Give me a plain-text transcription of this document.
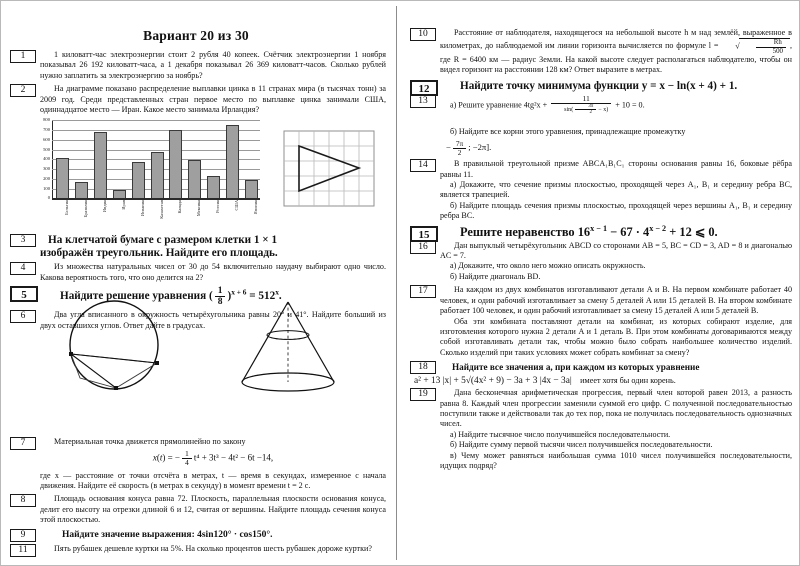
Вариант 20 из 30
1	1 киловатт-час электроэнергии стоит 2 рубля 40 копеек. Счётчик электроэнергии 1 ноября показывал 26 192 киловатт-часа, а 1 декабря показывал 26 369 киловатт-часов. Сколько рублей нужно заплатить за электроэнергию за ноябрь?
2	На диаграмме показано распределение выплавки цинка в 11 странах мира (в тысячах тонн) за 2009 год. Среди представленных стран первое место по выплавке цинка занимали США, одиннадцатое место — Иран. Какое место занимала Ирландия?
0
100
200
300
400
500
600
700
800
Бельгия	Бразилия	Индия	Иран	Испания	Казахстан	Канада	Мексика	Россия	США	Япония
3	На клетчатой бумаге с размером клетки 1 × 1
изображён треугольник. Найдите его площадь.
4	Из множества натуральных чисел от 30 до 54 включительно наудачу выбирают одно число. Какова вероятность того, что оно делится на 2?
5	Найдите решение уравнения ( $\frac{1}{8} )^{x + 6} = 512^x$.
6	Два угла вписанного в окружность четырёхугольника равны 20° и 41°. Найдите больший из двух оставшихся углов. Ответ дайте в градусах.
7	Материальная точка движется прямолинейно по закону
x(t) = − $\frac{1}{4} t^4 + 3t^3 - 4t^2 - 6t -14$,
где x — расстояние от точки отсчёта в метрах, t — время в секундах, измеренное с начала движения. Найдите её скорость (в метрах в секунду) в момент времени t = 2 с.
8	Площадь основания конуса равна 72. Плоскость, параллельная плоскости основания конуса, делит его высоту на отрезки длиной 6 и 12, считая от вершины. Найдите площадь сечения конуса этой плоскостью.
9	Найдите значение выражения: 4sin120° · cos150°.
11	Пять рубашек дешевле куртки на 5%. На сколько процентов шесть рубашек дороже куртки?
10	Расстояние от наблюдателя, находящегося на небольшой высоте h м над землёй, выраженное в километрах, до наблюдаемой им линии горизонта вычисляется по формуле l = √ $\frac{Rh}{500}$ , где R = 6400 км — радиус Земли. На какой высоте следует располагаться наблюдателю, чтобы он видел горизонт на расстоянии 128 км? Ответ выразите в метрах.
12	Найдите точку минимума функции y = x − ln(x + 4) + 1.
13	а) Решите уравнение $4tg^2x + \frac{11}{\sin( \frac{3\pi}{2} - x)} + 10 = 0$.
б) Найдите все корни этого уравнения, принадлежащие промежутку
− $\frac{7\pi}{2}$ ; −2π].
14	В правильной треугольной призме ABCA₁B₁C₁ стороны основания равны 16, боковые рёбра равны 11.
а) Докажите, что сечение призмы плоскостью, проходящей через A₁, B₁ и середину ребра BC, является трапецией.
б) Найдите площадь сечения призмы плоскостью, проходящей через вершины A₁, B₁ и середину ребра BC.
15	Решите неравенство $16^{x - 1} - 67 \cdot 4^{x - 2} + 12$ ⩽ 0.
16	Дан выпуклый четырёхугольник ABCD со сторонами AB = 5, BC = CD = 3, AD = 8 и диагональю AC = 7.
а) Докажите, что около него можно описать окружность.
б) Найдите диагональ BD.
17	На каждом из двух комбинатов изготавливают детали A и B. На первом комбинате работает 40 человек, и один рабочий изготавливает за смену 5 деталей A или 15 деталей B. На втором комбинате работает 100 человек, и один рабочий изготавливает за смену 15 деталей A или 5 деталей B.
Оба эти комбината поставляют детали на комбинат, из которых собирают изделие, для изготовления которого нужна 2 детали A и 1 деталь B. При этом комбинаты договариваются между собой изготавливать детали так, чтобы можно было собрать наибольшее количество изделий. Сколько изделий при таких условиях может собрать комбинат за смену?
18	Найдите все значения a, при каждом из которых уравнение
a² + 13 |x| + 5√(4x² + 9) − 3a + 3 |4x − 3a| имеет хотя бы один корень.
19	Дана бесконечная арифметическая прогрессия, первый член которой равен 2013, а разность равна 8. Каждый член прогрессии заменили суммой его цифр. С полученной последовательностью поступили также и действовали так до тех пор, пока не получилась последовательность однозначных чисел.
а) Найдите тысячное число получившейся последовательности.
б) Найдите сумму первой тысячи чисел получившейся последовательности.
в) Чему может равняться наибольшая сумма 1010 чисел получившейся последовательности, идущих подряд?
